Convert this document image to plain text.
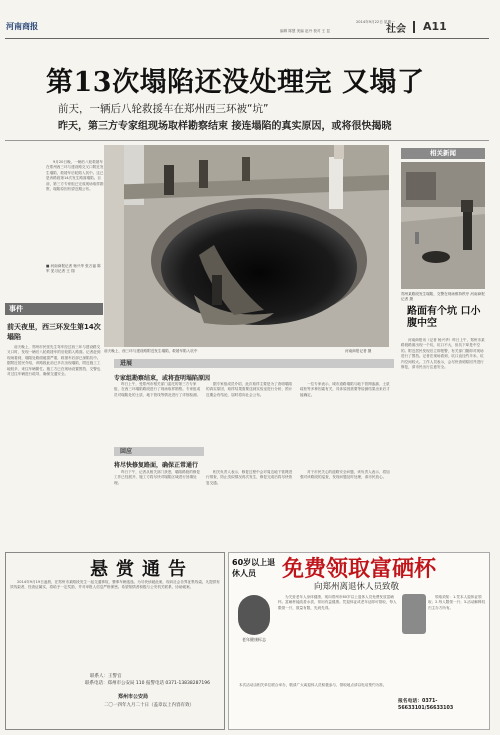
河南商报	2014年9月22日 星期一
编辑 陈慧 美编 赵丹 校对 王 昆	社会 A11
第13次塌陷还没处理完 又塌了
前天，一辆后八轮救援车在郑州西三环被“坑”
昨天，第三方专家组现场取样勘察结束 接连塌陷的真实原因，或将很快揭晓

9月20日晚，一辆后八轮救援车在郑州西三环与建设路交叉口附近发生塌陷，救援车后轮陷入其中。这已是该路段第14次发生路面塌陷。目前，第三方专家组已完成现场取样勘察，塌陷原因有望近期公布。

■ 河南商报记者 杨兴华 张万福 陈军 见习记者 王 翔
事件
前天夜里，西三环发生第14次塌陷

前天晚上，郑州市民张先生驾车经过西三环与建设路交叉口时，发现一辆后八轮救援车的后轮陷入路面。记者赶到现场看到，塌陷处路面破损严重，救援车后部已深陷坑中。据附近居民介绍，该路段此前已多次出现塌陷，附近施工工地较多，来往车辆繁忙。施工方已在现场设置围挡，交警也对过往车辆进行疏导，确保交通安全。

前天晚上，西三环与建设路附近发生塌陷，救援车陷入坑中	河南商报记者 摄
相关新闻
郑州某路段发生塌陷，交警在现场维持秩序 河南商报记者 摄
路面有个坑 口小腹中空

河南商报讯（记者 杨兴华）昨日上午，郑州市某路段路面出现一个坑，坑口不大，但坑下却是中空的。附近居民发现后立即报警，有关部门随即对现场进行了围挡。记者在现场看到，坑口直径约半米，坑内空间较大。工作人员表示，会尽快查明原因并进行修复，请市民出行注意安全。

进展
专家组勘察结束，或将查明塌陷原因

昨日上午，受郑州市相关部门委托的第三方专家组，在西三环塌陷路段进行了现场取样勘察。专家组成员对塌陷处的土质、地下管线等情况进行了详细检测。

据专家组成员介绍，此次取样主要是为了查明塌陷的真实原因，取样结果需要送到实验室进行分析，预计近期会有结论，届时将向社会公布。

一位专家表示，城市道路塌陷与地下管网渗漏、土质疏松等多种因素有关，具体原因需要等检测结果出来后才能确定。

回应
将尽快修复路面，确保正常通行

昨日下午，记者从相关部门获悉，塌陷路段的修复工作已经展开，施工方将尽快对塌陷区域进行回填处理。

相关负责人表示，修复过程中会对周边地下管网进行排查，防止类似情况再次发生，修复完成后将尽快恢复交通。

对于市民关心的道路安全问题，该负责人表示，将加强对该路段的巡查，发现问题及时处理，请市民放心。

悬赏通告

2014年9月19日凌晨，在郑州市某路段发生一起交通事故，肇事车辆逃逸。为尽快侦破此案，现向社会各界征集线索。凡提供有效线索者，经查证属实，将给予一定奖励，并对举报人信息严格保密。希望知情者积极与公安机关联系，协助破案。

联系人：王警官
联系电话：郑州市公安局 110 报警电话 0371-13838287196
郑州市公安局
二〇一四年九月二十日（盖章以上内容有效）
60岁以上退休人员	免费领取富硒杯
向郑州离退休人员致敬
老年健康标志

为关爱老年人身体健康，现向郑州市60岁以上退休人员免费发放富硒杯。富硒杯能改善水质，常用有益健康。凭退休证或老年证即可领取，每人限领一只，数量有限，先到先得。

领取须知：1.凭本人退休证领取；2.每人限领一只；3.活动解释权归主办方所有。

本次活动由相关单位联合举办，敬请广大离退休人员积极参与，领取地点请以电话预约为准。

报名电话：0371-56633101/56633103
